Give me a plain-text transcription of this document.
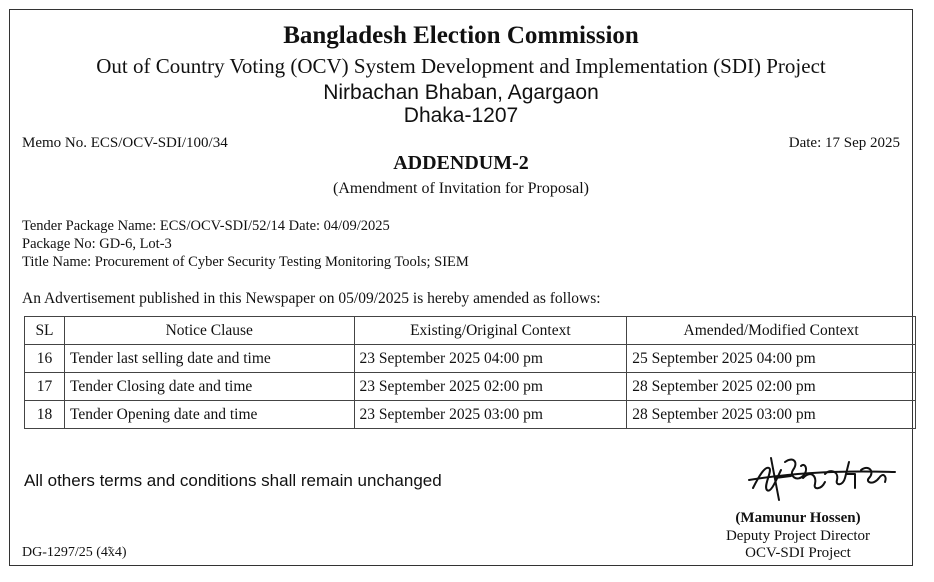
Bangladesh Election Commission
Out of Country Voting (OCV) System Development and Implementation (SDI) Project
Nirbachan Bhaban, Agargaon
Dhaka-1207
Memo No. ECS/OCV-SDI/100/34	Date: 17 Sep 2025
ADDENDUM-2
(Amendment of Invitation for Proposal)
Tender Package Name: ECS/OCV-SDI/52/14 Date: 04/09/2025
Package No: GD-6, Lot-3
Title Name: Procurement of Cyber Security Testing Monitoring Tools; SIEM
An Advertisement published in this Newspaper on 05/09/2025 is hereby amended as follows:
SL	Notice Clause	Existing/Original Context	Amended/Modified Context
16	Tender last selling date and time	23 September 2025 04:00 pm	25 September 2025 04:00 pm
17	Tender Closing date and time	23 September 2025 02:00 pm	28 September 2025 02:00 pm
18	Tender Opening date and time	23 September 2025 03:00 pm	28 September 2025 03:00 pm
All others terms and conditions shall remain unchanged
(Mamunur Hossen)
Deputy Project Director
OCV-SDI Project
DG-1297/25 (4̃x4)
